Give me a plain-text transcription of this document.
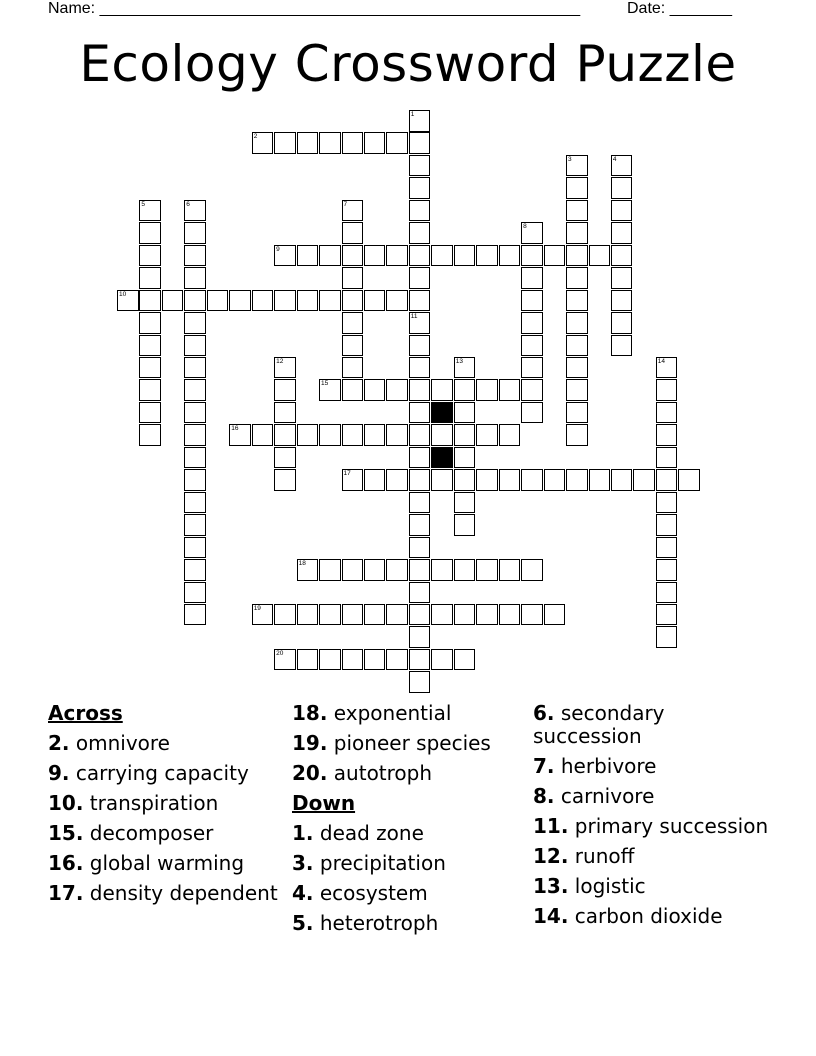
Name: ______________________________________________________	Date: _______
Ecology Crossword Puzzle
1
2
3	4
5	6	7
8
9
10
11
12	13	14
15
16
17
18
19
20
Across
2. omnivore
9. carrying capacity
10. transpiration
15. decomposer
16. global warming
17. density dependent
18. exponential
19. pioneer species
20. autotroph
Down
1. dead zone
3. precipitation
4. ecosystem
5. heterotroph
6. secondary succession
7. herbivore
8. carnivore
11. primary succession
12. runoff
13. logistic
14. carbon dioxide
